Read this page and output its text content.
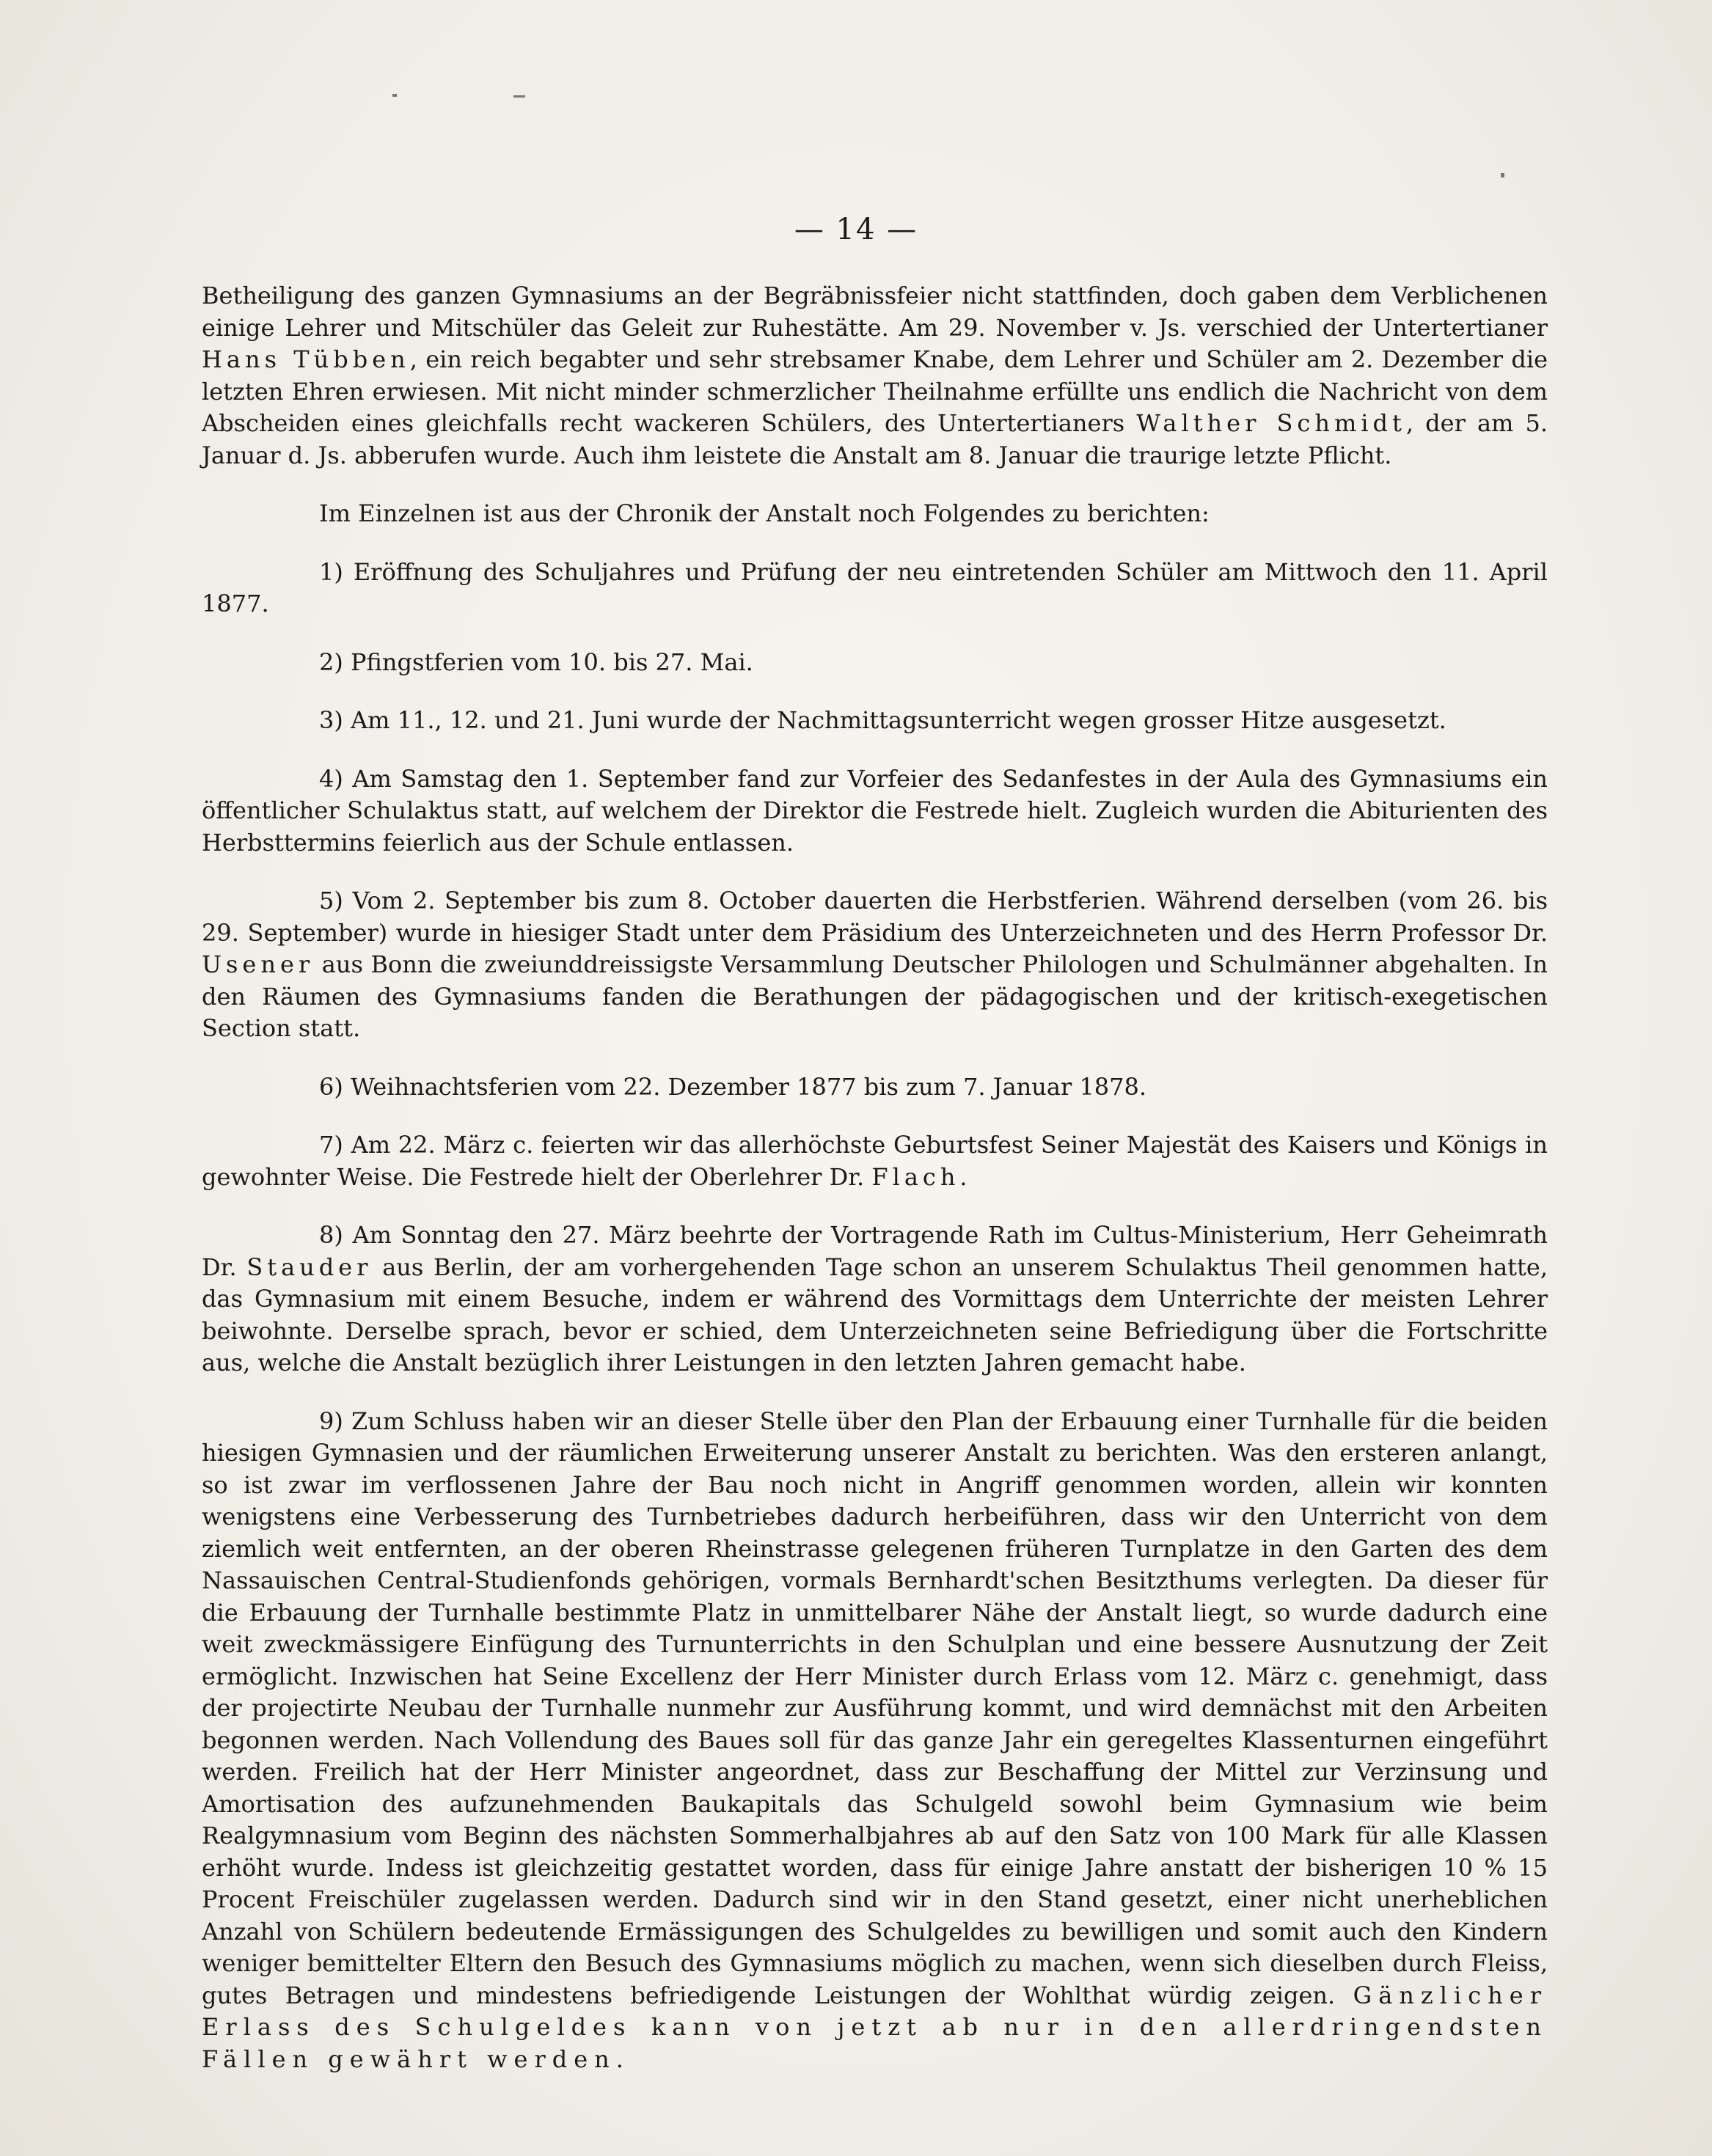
— 14 —

Betheiligung des ganzen Gymnasiums an der Begräbnissfeier nicht stattfinden, doch gaben dem Verblichenen einige Lehrer und Mitschüler das Geleit zur Ruhestätte. Am 29. November v. Js. verschied der Untertertianer Hans Tübben, ein reich begabter und sehr strebsamer Knabe, dem Lehrer und Schüler am 2. Dezember die letzten Ehren erwiesen. Mit nicht minder schmerzlicher Theilnahme erfüllte uns endlich die Nachricht von dem Abscheiden eines gleichfalls recht wackeren Schülers, des Untertertianers Walther Schmidt, der am 5. Januar d. Js. abberufen wurde. Auch ihm leistete die Anstalt am 8. Januar die traurige letzte Pflicht.

Im Einzelnen ist aus der Chronik der Anstalt noch Folgendes zu berichten:

1) Eröffnung des Schuljahres und Prüfung der neu eintretenden Schüler am Mittwoch den 11. April 1877.

2) Pfingstferien vom 10. bis 27. Mai.

3) Am 11., 12. und 21. Juni wurde der Nachmittagsunterricht wegen grosser Hitze ausgesetzt.

4) Am Samstag den 1. September fand zur Vorfeier des Sedanfestes in der Aula des Gymnasiums ein öffentlicher Schulaktus statt, auf welchem der Direktor die Festrede hielt. Zugleich wurden die Abiturienten des Herbsttermins feierlich aus der Schule entlassen.

5) Vom 2. September bis zum 8. October dauerten die Herbstferien. Während derselben (vom 26. bis 29. September) wurde in hiesiger Stadt unter dem Präsidium des Unterzeichneten und des Herrn Professor Dr. Usener aus Bonn die zweiunddreissigste Versammlung Deutscher Philologen und Schulmänner abgehalten. In den Räumen des Gymnasiums fanden die Berathungen der pädagogischen und der kritisch-exegetischen Section statt.

6) Weihnachtsferien vom 22. Dezember 1877 bis zum 7. Januar 1878.

7) Am 22. März c. feierten wir das allerhöchste Geburtsfest Seiner Majestät des Kaisers und Königs in gewohnter Weise. Die Festrede hielt der Oberlehrer Dr. Flach.

8) Am Sonntag den 27. März beehrte der Vortragende Rath im Cultus-Ministerium, Herr Geheimrath Dr. Stauder aus Berlin, der am vorhergehenden Tage schon an unserem Schulaktus Theil genommen hatte, das Gymnasium mit einem Besuche, indem er während des Vormittags dem Unterrichte der meisten Lehrer beiwohnte. Derselbe sprach, bevor er schied, dem Unterzeichneten seine Befriedigung über die Fortschritte aus, welche die Anstalt bezüglich ihrer Leistungen in den letzten Jahren gemacht habe.

9) Zum Schluss haben wir an dieser Stelle über den Plan der Erbauung einer Turnhalle für die beiden hiesigen Gymnasien und der räumlichen Erweiterung unserer Anstalt zu berichten. Was den ersteren anlangt, so ist zwar im verflossenen Jahre der Bau noch nicht in Angriff genommen worden, allein wir konnten wenigstens eine Verbesserung des Turnbetriebes dadurch herbeiführen, dass wir den Unterricht von dem ziemlich weit entfernten, an der oberen Rheinstrasse gelegenen früheren Turnplatze in den Garten des dem Nassauischen Central-Studienfonds gehörigen, vormals Bernhardt'schen Besitzthums verlegten. Da dieser für die Erbauung der Turnhalle bestimmte Platz in unmittelbarer Nähe der Anstalt liegt, so wurde dadurch eine weit zweckmässigere Einfügung des Turnunterrichts in den Schulplan und eine bessere Ausnutzung der Zeit ermöglicht. Inzwischen hat Seine Excellenz der Herr Minister durch Erlass vom 12. März c. genehmigt, dass der projectirte Neubau der Turnhalle nunmehr zur Ausführung kommt, und wird demnächst mit den Arbeiten begonnen werden. Nach Vollendung des Baues soll für das ganze Jahr ein geregeltes Klassenturnen eingeführt werden. Freilich hat der Herr Minister angeordnet, dass zur Beschaffung der Mittel zur Verzinsung und Amortisation des aufzunehmenden Baukapitals das Schulgeld sowohl beim Gymnasium wie beim Realgymnasium vom Beginn des nächsten Sommerhalbjahres ab auf den Satz von 100 Mark für alle Klassen erhöht wurde. Indess ist gleichzeitig gestattet worden, dass für einige Jahre anstatt der bisherigen 10 % 15 Procent Freischüler zugelassen werden. Dadurch sind wir in den Stand gesetzt, einer nicht unerheblichen Anzahl von Schülern bedeutende Ermässigungen des Schulgeldes zu bewilligen und somit auch den Kindern weniger bemittelter Eltern den Besuch des Gymnasiums möglich zu machen, wenn sich dieselben durch Fleiss, gutes Betragen und mindestens befriedigende Leistungen der Wohlthat würdig zeigen. Gänzlicher Erlass des Schulgeldes kann von jetzt ab nur in den allerdringendsten Fällen gewährt werden.
